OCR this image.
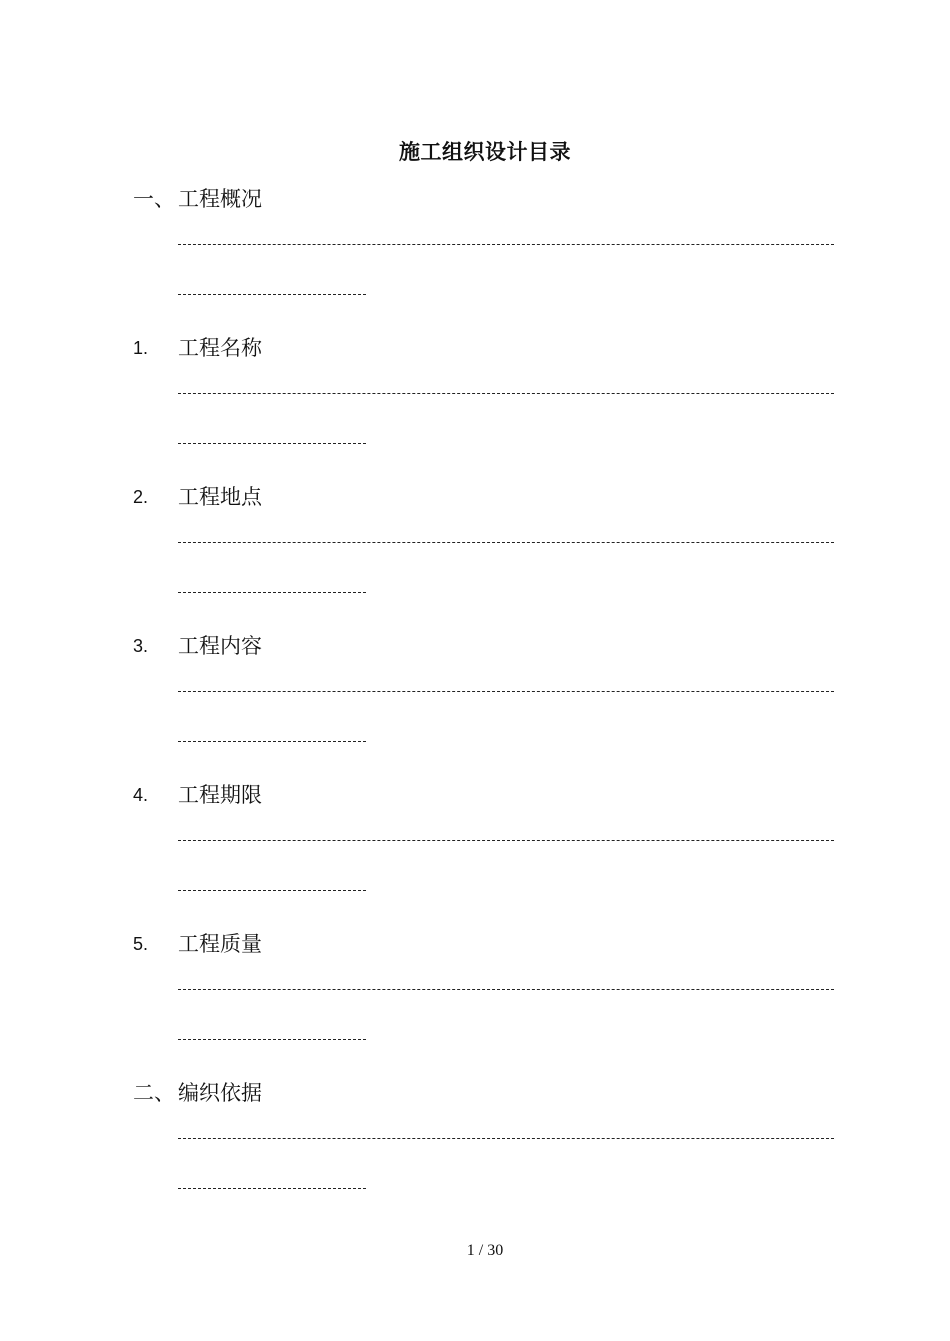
施工组织设计目录
一、 工程概况
1.	工程名称
2.	工程地点
3.	工程内容
4.	工程期限
5.	工程质量
二、 编织依据
1 / 30
